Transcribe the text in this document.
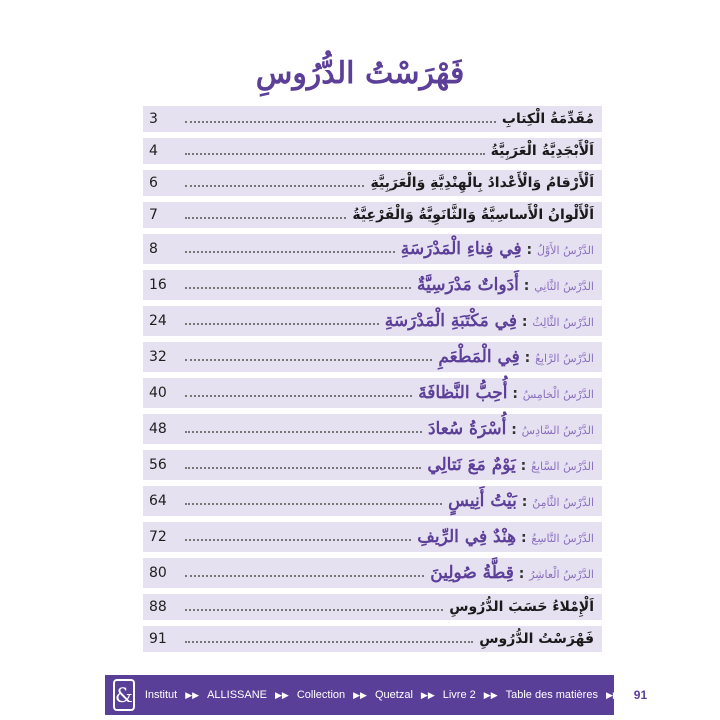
فَهْرَسْتُ الدُّرُوسِ
3	مُقَدِّمَةُ الْكِتابِ
4	اَلْأَبْجَدِيَّةُ الْعَرَبِيَّةُ
6	اَلْأَرْقامُ وَالْأَعْدادُ بِالْهِنْدِيَّةِ وَالْعَرَبِيَّةِ
7	اَلْأَلْوانُ الْأَساسِيَّةُ وَالثَّانَوِيَّةُ وَالْفَرْعِيَّةُ
8	الدَّرْسُ الأَوَّلُ : فِي فِناءِ الْمَدْرَسَةِ
16	الدَّرْسُ الثَّانِي : أَدَواتٌ مَدْرَسِيَّةٌ
24	الدَّرْسُ الثَّالِثُ : فِي مَكْتَبَةِ الْمَدْرَسَةِ
32	الدَّرْسُ الرَّابِعُ : فِي الْمَطْعَمِ
40	الدَّرْسُ الْخامِسُ : أُحِبُّ النَّظافَةَ
48	الدَّرْسُ السَّادِسُ : أُسْرَةُ سُعادَ
56	الدَّرْسُ السَّابِعُ : يَوْمٌ مَعَ نَتالِي
64	الدَّرْسُ الثَّامِنُ : بَيْتُ أَنِيسٍ
72	الدَّرْسُ التَّاسِعُ : هِنْدٌ فِي الرِّيفِ
80	الدَّرْسُ الْعاشِرُ : قِطَّةُ صُولِينَ
88	اَلْإِمْلاءُ حَسَبَ الدُّرُوسِ
91	فَهْرَسْتُ الدُّرُوسِ
& Institut ▶▶ ALLISSANE ▶▶ Collection ▶▶ Quetzal ▶▶ Livre 2 ▶▶ Table des matières ▶▶	91
